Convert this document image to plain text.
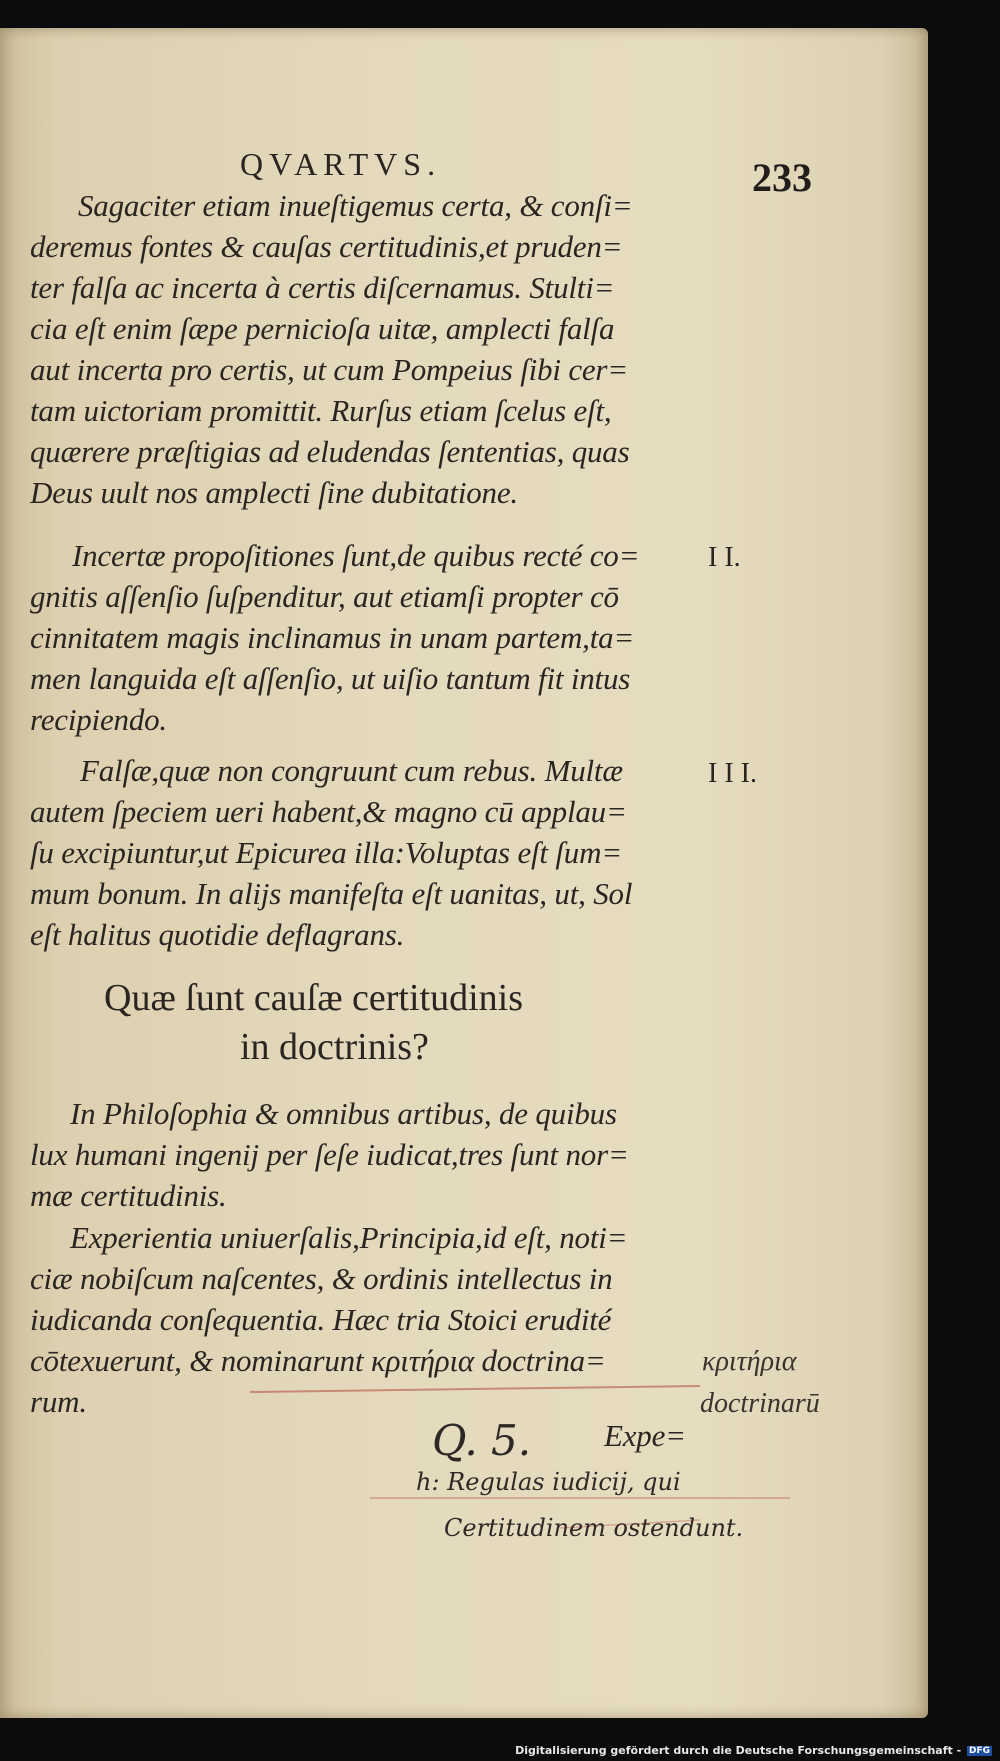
QVARTVS.	233
Sagaciter etiam inueſtigemus certa, & conſi=
deremus fontes & cauſas certitudinis,et pruden=
ter falſa ac incerta à certis diſcernamus. Stulti=
cia eſt enim ſæpe pernicioſa uitæ, amplecti falſa
aut incerta pro certis, ut cum Pompeius ſibi cer=
tam uictoriam promittit. Rurſus etiam ſcelus eſt,
quærere præſtigias ad eludendas ſententias, quas
Deus uult nos amplecti ſine dubitatione.
Incertæ propoſitiones ſunt,de quibus recté co= I I.
gnitis aſſenſio ſuſpenditur, aut etiamſi propter cō
cinnitatem magis inclinamus in unam partem,ta=
men languida eſt aſſenſio, ut uiſio tantum fit intus
recipiendo.
Falſæ,quæ non congruunt cum rebus. Multæ	I I I.
autem ſpeciem ueri habent,& magno cū applau=
ſu excipiuntur,ut Epicurea illa:Voluptas eſt ſum=
mum bonum. In alijs manifeſta eſt uanitas, ut, Sol
eſt halitus quotidie deflagrans.
Quæ ſunt cauſæ certitudinis
in doctrinis?
In Philoſophia & omnibus artibus, de quibus
lux humani ingenij per ſeſe iudicat,tres ſunt nor=
mæ certitudinis.
Experientia uniuerſalis,Principia,id eſt, noti=
ciæ nobiſcum naſcentes, & ordinis intellectus in
iudicanda conſequentia. Hæc tria Stoici erudité
cōtexuerunt, & nominarunt κριτήρια doctrina=
rum.
κριτήρια
doctrinarū
Q. 5. Expe=
h: Regulas iudicij, qui
Certitudinem ostendunt.
Digitalisierung gefördert durch die Deutsche Forschungsgemeinschaft - DFG
